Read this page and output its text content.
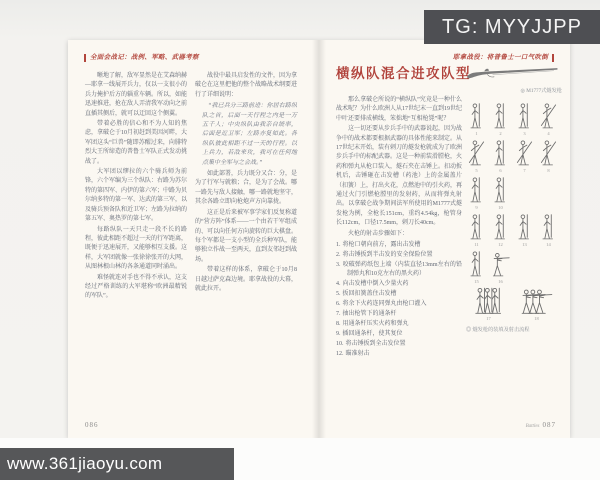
全面会战记：战例、军略、武器考察

晰地了解，敌军显然是在艾森纳赫—耶拿一线展开兵力，仅以一支很小的兵力掩护后方的辎重车辆。所以，如能迅速推进，抢在敌人弄清我军动向之前直插其侧后，就可以迂回这个侧翼。

带着必胜的信心和不为人知的焦虑，拿破仑于10月初赶到美因河畔，大军团这头“巨兽”随即苏醒过来，向腓特烈大王所缔造的普鲁士军队正式发动挑战了。

大军团以缪拉的六个骑兵师为前锋，六个军编为三个纵队：右路为苏尔特的第四军、内伊的第六军；中路为贝尔纳多特的第一军、达武的第三军，以及骑兵预备队和近卫军；左路为拉纳的第五军、奥热罗的第七军。

每路纵队一天只走一段不长的路程，彼此相距不超过一天的行军距离，既便于迅速展开，又能够相互支援。这样，大军团就像一张徐徐张开的大网，从图林根山林的各条通道同时涌出。

难怪就连对手也不得不承认，这支经过严格训练的大军堪称“欧洲最精锐的军队”。

战役中最具启发性的文件，因为拿破仑在这里把他的整个战略战术纲要进行了详细说明：

“我已兵分三路前进：你居右路纵队之首，后面一天行程之内是一万五千人；中央纵队由我亲自统率，后面是近卫军；左路亦复如此。各纵队彼此相距不过一天的行程。以上兵力，若敌来攻，我可在任何地点集中全军与之会战。”

如此部署，兵力既分又合：分，是为了行军与就粮；合，是为了会战。哪一路先与敌人接触，哪一路就地坚守，其余各路立即向枪炮声方向靠拢。

这正是后来被军事学家们反复称道的“营方阵”体系——一个由若干军组成的、可以向任何方向旋转的巨大棋盘。每个军都是一支小型的全兵种军队，能够独立作战一至两天，直到友邻赶到战场。

带着这样的体系，拿破仑于10月8日越过萨克森边境。耶拿战役的大幕，就此拉开。

086
耶拿战役：将普鲁士一口气吹倒
横纵队混合进攻队型

那么拿破仑所说的“横纵队”究竟是一种什么战术呢？为什么欧洲人从17世纪末一直到19世纪中叶还要排成横线，笨拙地“互相枪毙”呢？

这一切还要从步兵手中的武器说起，因为战争中的战术都要根据武器的具体性能来制定。从17世纪末开始，装有刺刀的燧发枪就成为了欧洲步兵手中的标配武器。这是一种前装滑膛枪，火药和弹丸从枪口装入，燧石夹在击锤上。扣动扳机后，击锤砸在击发槽（药池）上的金属盖片（扣簧）上，打出火花，点燃池中的引火药，再通过火门引燃枪膛里的发射药，从而将弹丸射出。以拿破仑战争期间法军所使用的M1777式燧发枪为例，全枪长151cm，重约4.54kg，枪管身长112cm，口径17.5mm，刺刀长40cm。

火枪的射击步骤如下：

1. 将枪口朝向前方，露出击发槽
2. 将击锤扳到半击发的安全保险位置
3. 咬破弹药纸包上端（内装直径13mm左右的铅制弹丸和10克左右的黑火药）
4. 向击发槽中倒入少量火药
5. 扳回扣簧盖住击发槽
6. 将余下火药连同弹丸由枪口灌入
7. 抽出枪管下的通条杆
8. 用通条杆压实火药和弹丸
9. 插回通条杆，使其复位
10. 将击锤扳到全击发位置
12. 瞄准射击
◎ M1777式燧发枪
1	2	3	4
5	6	7	8
9	10
11	12	13	14
15	16
17	18
◎ 燧发枪的装填及射击流程
Battles 087
TG: MYYJJPP
www.361jiaoyu.com
